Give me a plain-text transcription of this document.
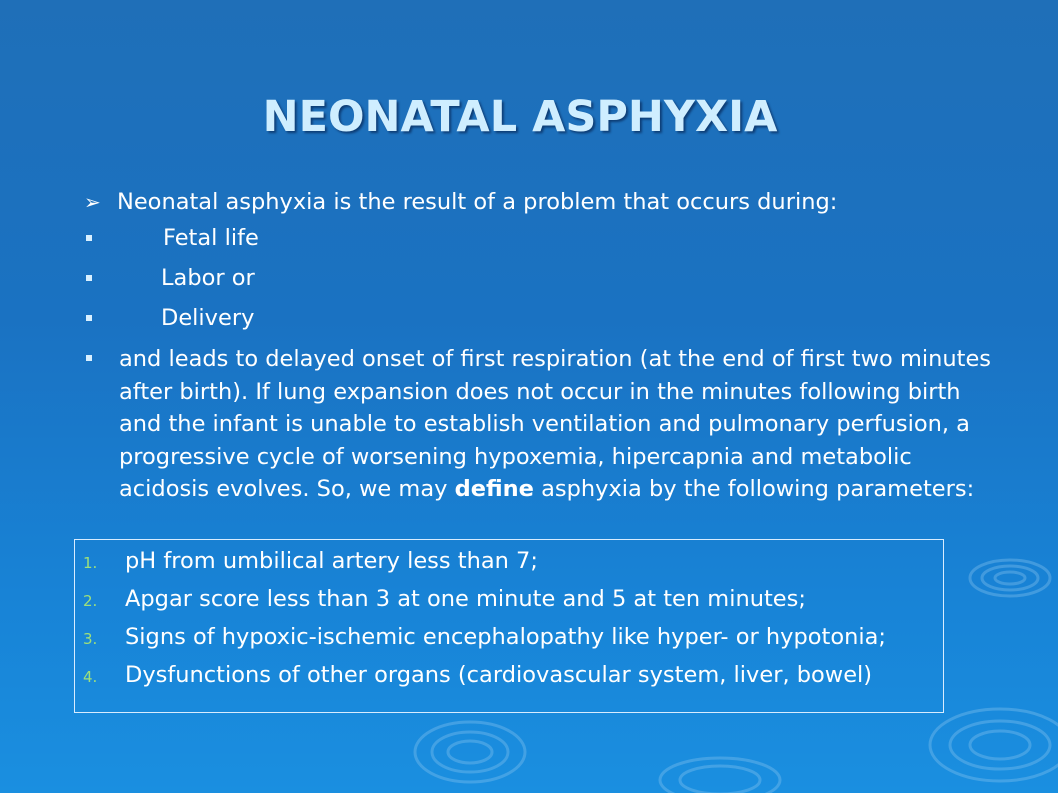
NEONATAL ASPHYXIA
➢ Neonatal asphyxia is the result of a problem that occurs during:
Fetal life
Labor or
Delivery
and leads to delayed onset of first respiration (at the end of first two minutes after birth). If lung expansion does not occur in the minutes following birth and the infant is unable to establish ventilation and pulmonary perfusion, a progressive cycle of worsening hypoxemia, hipercapnia and metabolic acidosis evolves. So, we may define asphyxia by the following parameters:
1.	pH from umbilical artery less than 7;
2.	Apgar score less than 3 at one minute and 5 at ten minutes;
3.	Signs of hypoxic-ischemic encephalopathy like hyper- or hypotonia;
4.	Dysfunctions of other organs (cardiovascular system, liver, bowel)
